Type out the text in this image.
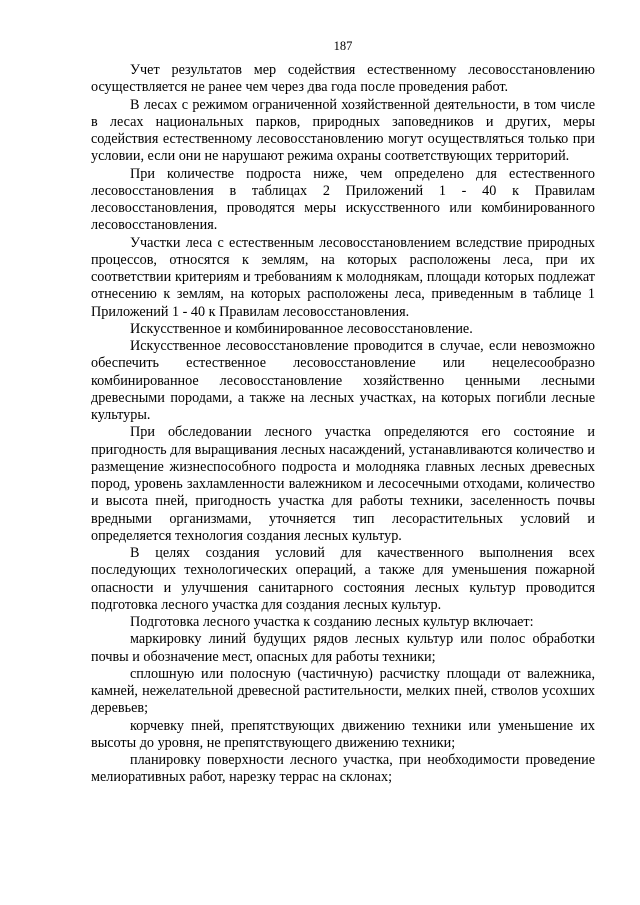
187

Учет результатов мер содействия естественному лесовосстановлению осуществляется не ранее чем через два года после проведения работ.

В лесах с режимом ограниченной хозяйственной деятельности, в том числе в лесах национальных парков, природных заповедников и других, меры содействия естественному лесовосстановлению могут осуществляться только при условии, если они не нарушают режима охраны соответствующих территорий.

При количестве подроста ниже, чем определено для естественного лесовосстановления в таблицах 2 Приложений 1 - 40 к Правилам лесовосстановления, проводятся меры искусственного или комбинированного лесовосстановления.

Участки леса с естественным лесовосстановлением вследствие природных процессов, относятся к землям, на которых расположены леса, при их соответствии критериям и требованиям к молоднякам, площади которых подлежат отнесению к землям, на которых расположены леса, приведенным в таблице 1 Приложений 1 - 40 к Правилам лесовосстановления.

Искусственное и комбинированное лесовосстановление.

Искусственное лесовосстановление проводится в случае, если невозможно обеспечить естественное лесовосстановление или нецелесообразно комбинированное лесовосстановление хозяйственно ценными лесными древесными породами, а также на лесных участках, на которых погибли лесные культуры.

При обследовании лесного участка определяются его состояние и пригодность для выращивания лесных насаждений, устанавливаются количество и размещение жизнеспособного подроста и молодняка главных лесных древесных пород, уровень захламленности валежником и лесосечными отходами, количество и высота пней, пригодность участка для работы техники, заселенность почвы вредными организмами, уточняется тип лесорастительных условий и определяется технология создания лесных культур.

В целях создания условий для качественного выполнения всех последующих технологических операций, а также для уменьшения пожарной опасности и улучшения санитарного состояния лесных культур проводится подготовка лесного участка для создания лесных культур.

Подготовка лесного участка к созданию лесных культур включает:

маркировку линий будущих рядов лесных культур или полос обработки почвы и обозначение мест, опасных для работы техники;

сплошную или полосную (частичную) расчистку площади от валежника, камней, нежелательной древесной растительности, мелких пней, стволов усохших деревьев;

корчевку пней, препятствующих движению техники или уменьшение их высоты до уровня, не препятствующего движению техники;

планировку поверхности лесного участка, при необходимости проведение мелиоративных работ, нарезку террас на склонах;
